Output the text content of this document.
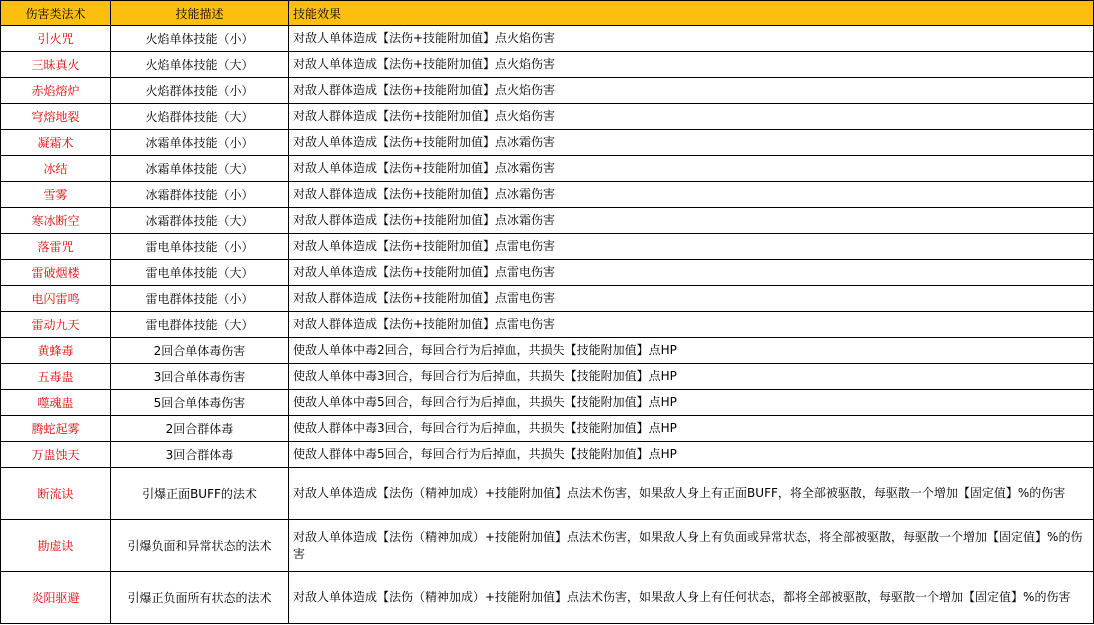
伤害类法术	技能描述	技能效果
引火咒	火焰单体技能（小）	对敌人单体造成【法伤+技能附加值】点火焰伤害
三昧真火	火焰单体技能（大）	对敌人单体造成【法伤+技能附加值】点火焰伤害
赤焰熔炉	火焰群体技能（小）	对敌人群体造成【法伤+技能附加值】点火焰伤害
穹熔地裂	火焰群体技能（大）	对敌人群体造成【法伤+技能附加值】点火焰伤害
凝霜术	冰霜单体技能（小）	对敌人单体造成【法伤+技能附加值】点冰霜伤害
冰结	冰霜单体技能（大）	对敌人单体造成【法伤+技能附加值】点冰霜伤害
雪雾	冰霜群体技能（小）	对敌人群体造成【法伤+技能附加值】点冰霜伤害
寒冰断空	冰霜群体技能（大）	对敌人群体造成【法伤+技能附加值】点冰霜伤害
落雷咒	雷电单体技能（小）	对敌人单体造成【法伤+技能附加值】点雷电伤害
雷破烟楼	雷电单体技能（大）	对敌人单体造成【法伤+技能附加值】点雷电伤害
电闪雷鸣	雷电群体技能（小）	对敌人群体造成【法伤+技能附加值】点雷电伤害
雷动九天	雷电群体技能（大）	对敌人群体造成【法伤+技能附加值】点雷电伤害
黄蜂毒	2回合单体毒伤害	使敌人单体中毒2回合，每回合行为后掉血，共损失【技能附加值】点HP
五毒蛊	3回合单体毒伤害	使敌人单体中毒3回合，每回合行为后掉血，共损失【技能附加值】点HP
噬魂蛊	5回合单体毒伤害	使敌人单体中毒5回合，每回合行为后掉血，共损失【技能附加值】点HP
腾蛇起雾	2回合群体毒	使敌人群体中毒3回合，每回合行为后掉血，共损失【技能附加值】点HP
万蛊蚀天	3回合群体毒	使敌人群体中毒5回合，每回合行为后掉血，共损失【技能附加值】点HP
断流诀	引爆正面BUFF的法术	对敌人单体造成【法伤（精神加成）+技能附加值】点法术伤害，如果敌人身上有正面BUFF，将全部被驱散，每驱散一个增加【固定值】%的伤害
勘虚诀	引爆负面和异常状态的法术	对敌人单体造成【法伤（精神加成）+技能附加值】点法术伤害，如果敌人身上有负面或异常状态，将全部被驱散，每驱散一个增加【固定值】%的伤害
炎阳驱避	引爆正负面所有状态的法术	对敌人单体造成【法伤（精神加成）+技能附加值】点法术伤害，如果敌人身上有任何状态，都将全部被驱散，每驱散一个增加【固定值】%的伤害
